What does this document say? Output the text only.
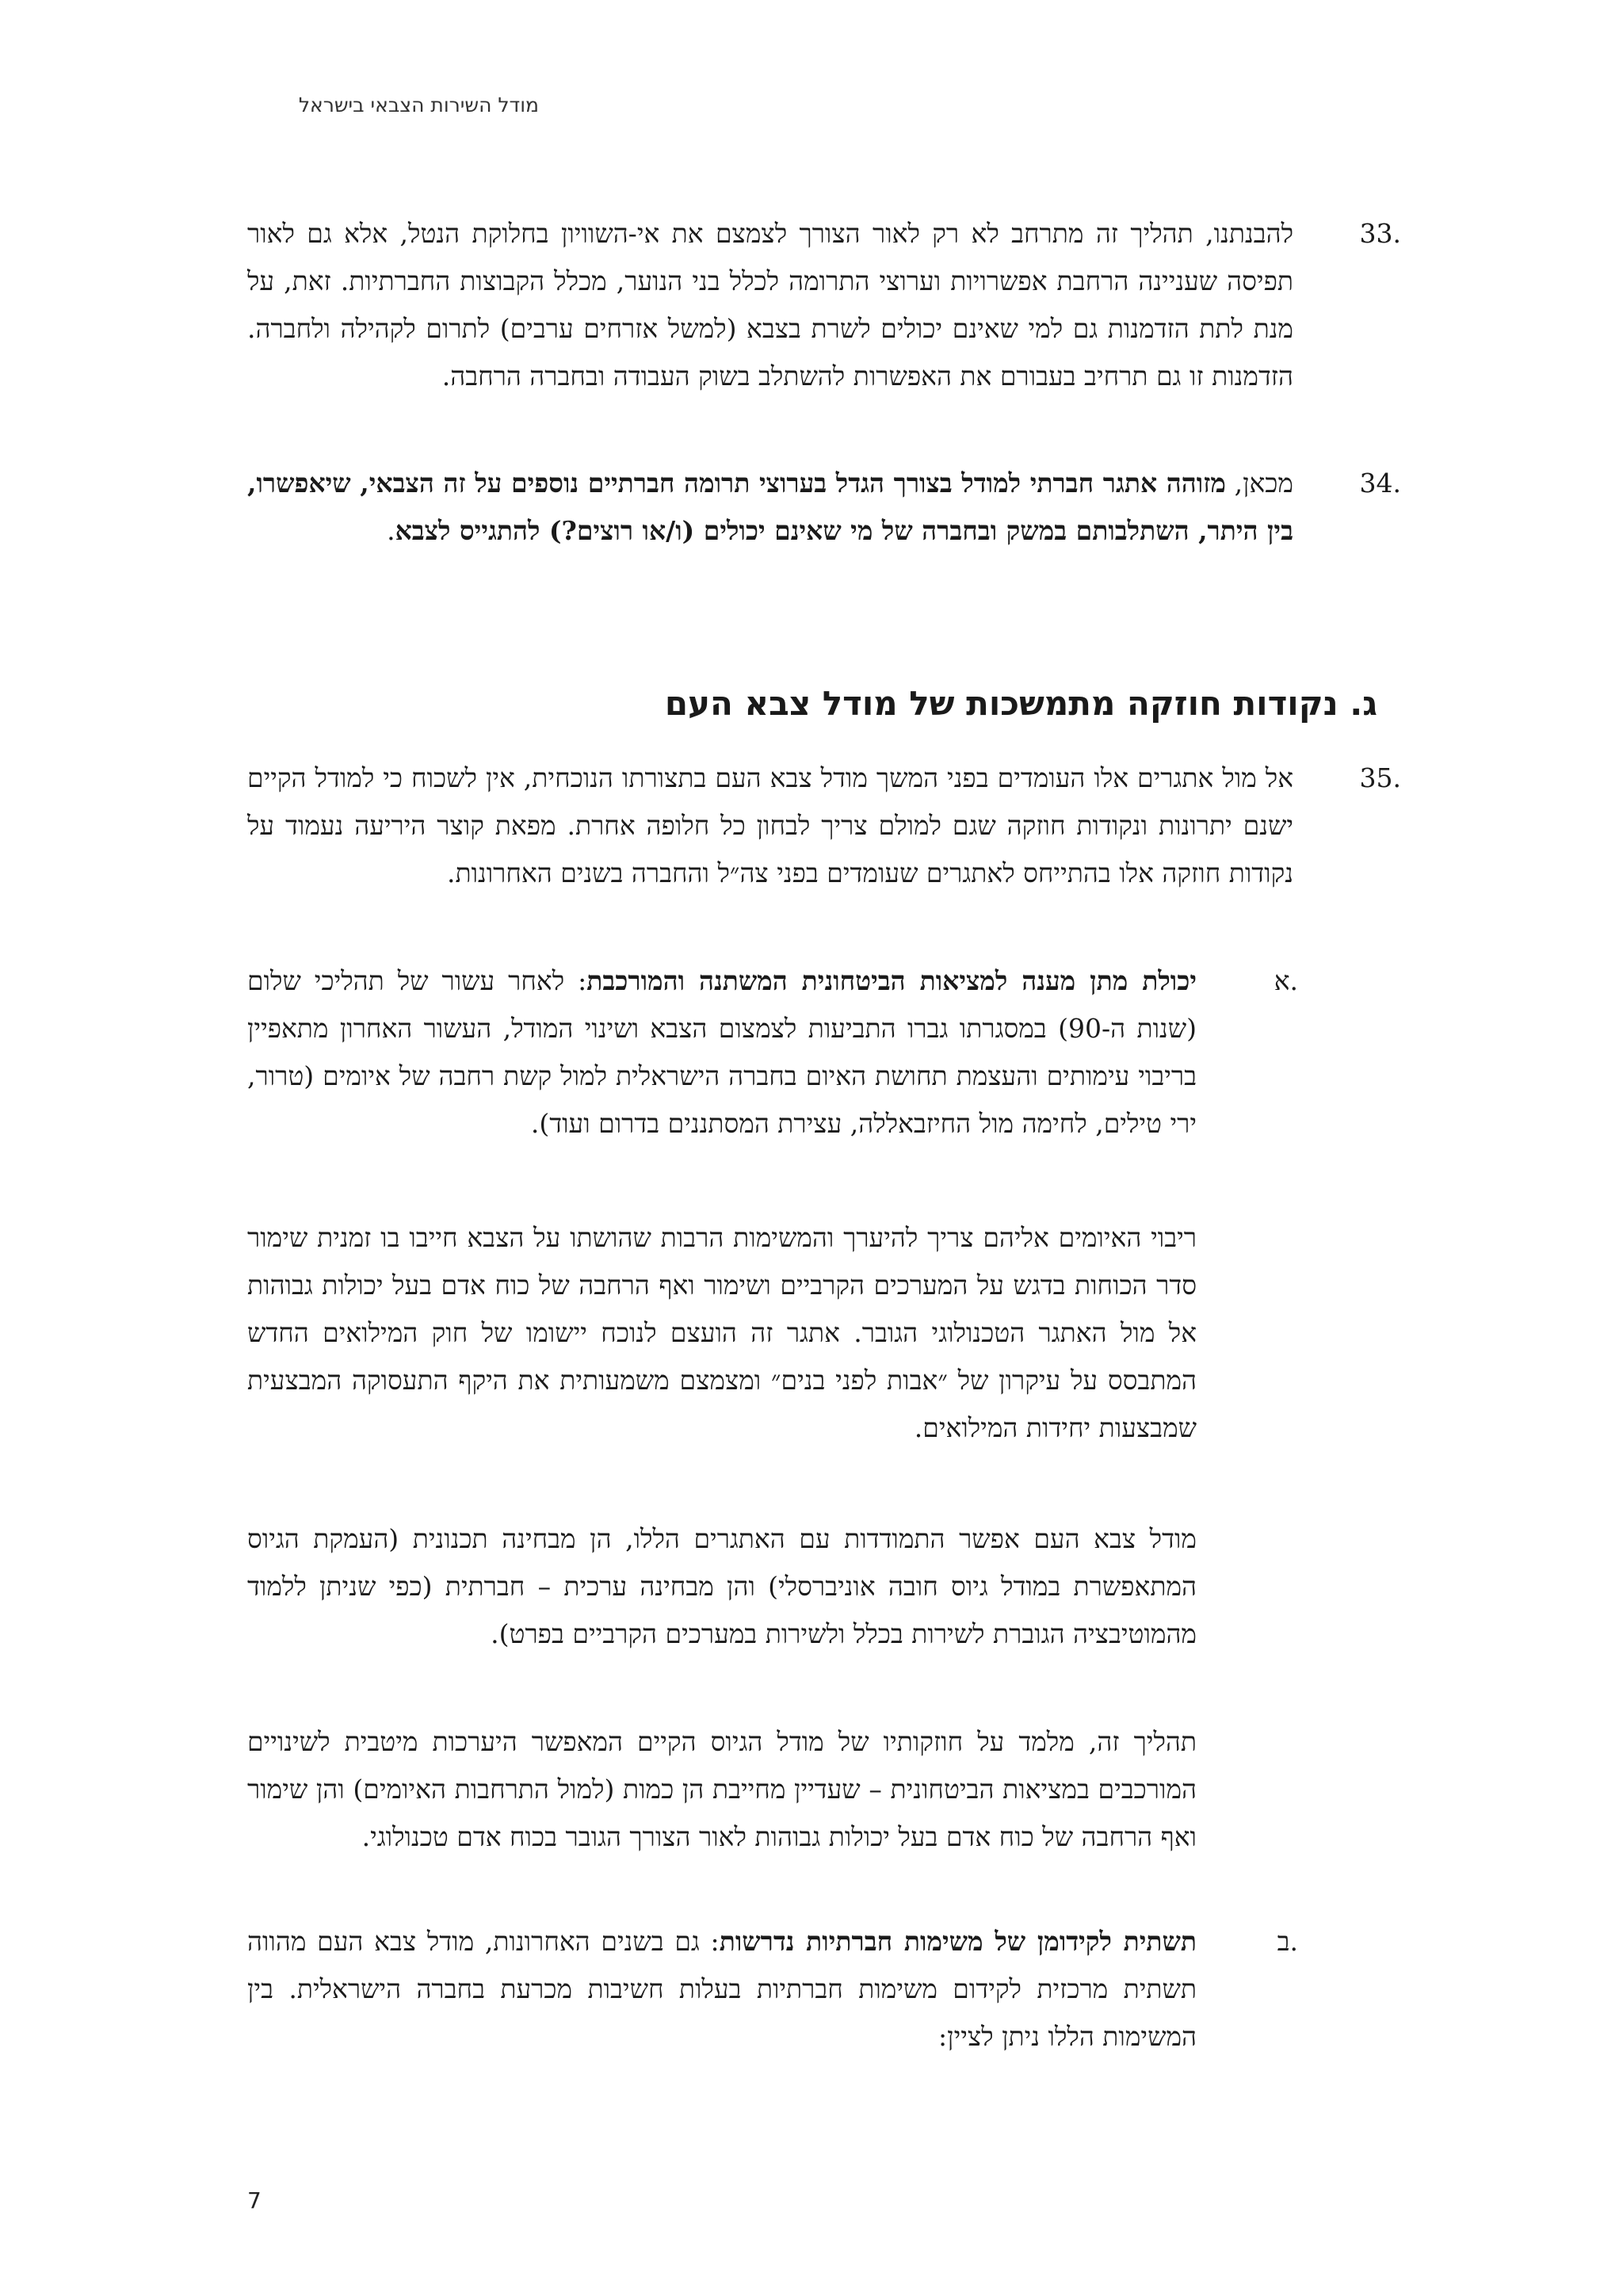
מודל השירות הצבאי בישראל
33.
להבנתנו, תהליך זה מתרחב לא רק לאור הצורך לצמצם את אי-השוויון בחלוקת הנטל, אלא גם לאור תפיסה שעניינה הרחבת אפשרויות וערוצי התרומה לכלל בני הנוער, מכלל הקבוצות החברתיות. זאת, על מנת לתת הזדמנות גם למי שאינם יכולים לשרת בצבא (למשל אזרחים ערבים) לתרום לקהילה ולחברה. הזדמנות זו גם תרחיב בעבורם את האפשרות להשתלב בשוק העבודה ובחברה הרחבה.
34.
מכאן, מזוהה אתגר חברתי למודל בצורך הגדל בערוצי תרומה חברתיים נוספים על זה הצבאי, שיאפשרו, בין היתר, השתלבותם במשק ובחברה של מי שאינם יכולים (ו/או רוצים?) להתגייס לצבא.
ג. נקודות חוזקה מתמשכות של מודל צבא העם
35.
אל מול אתגרים אלו העומדים בפני המשך מודל צבא העם בתצורתו הנוכחית, אין לשכוח כי למודל הקיים ישנם יתרונות ונקודות חוזקה שגם למולם צריך לבחון כל חלופה אחרת. מפאת קוצר היריעה נעמוד על נקודות חוזקה אלו בהתייחס לאתגרים שעומדים בפני צה״ל והחברה בשנים האחרונות.
א.
יכולת מתן מענה למציאות הביטחונית המשתנה והמורכבת: לאחר עשור של תהליכי שלום (שנות ה-90) במסגרתו גברו התביעות לצמצום הצבא ושינוי המודל, העשור האחרון מתאפיין בריבוי עימותים והעצמת תחושת האיום בחברה הישראלית למול קשת רחבה של איומים (טרור, ירי טילים, לחימה מול החיזבאללה, עצירת המסתננים בדרום ועוד).
ריבוי האיומים אליהם צריך להיערך והמשימות הרבות שהושתו על הצבא חייבו בו זמנית שימור סדר הכוחות בדגש על המערכים הקרביים ושימור ואף הרחבה של כוח אדם בעל יכולות גבוהות אל מול האתגר הטכנולוגי הגובר. אתגר זה הועצם לנוכח יישומו של חוק המילואים החדש המתבסס על עיקרון של ״אבות לפני בנים״ ומצמצם משמעותית את היקף התעסוקה המבצעית שמבצעות יחידות המילואים.
מודל צבא העם אפשר התמודדות עם האתגרים הללו, הן מבחינה תכנונית (העמקת הגיוס המתאפשרת במודל גיוס חובה אוניברסלי) והן מבחינה ערכית – חברתית (כפי שניתן ללמוד מהמוטיבציה הגוברת לשירות בכלל ולשירות במערכים הקרביים בפרט).
תהליך זה, מלמד על חוזקותיו של מודל הגיוס הקיים המאפשר היערכות מיטבית לשינויים המורכבים במציאות הביטחונית – שעדיין מחייבת הן כמות (למול התרחבות האיומים) והן שימור ואף הרחבה של כוח אדם בעל יכולות גבוהות לאור הצורך הגובר בכוח אדם טכנולוגי.
ב.
תשתית לקידומן של משימות חברתיות נדרשות: גם בשנים האחרונות, מודל צבא העם מהווה תשתית מרכזית לקידום משימות חברתיות בעלות חשיבות מכרעת בחברה הישראלית. בין המשימות הללו ניתן לציין:
7
